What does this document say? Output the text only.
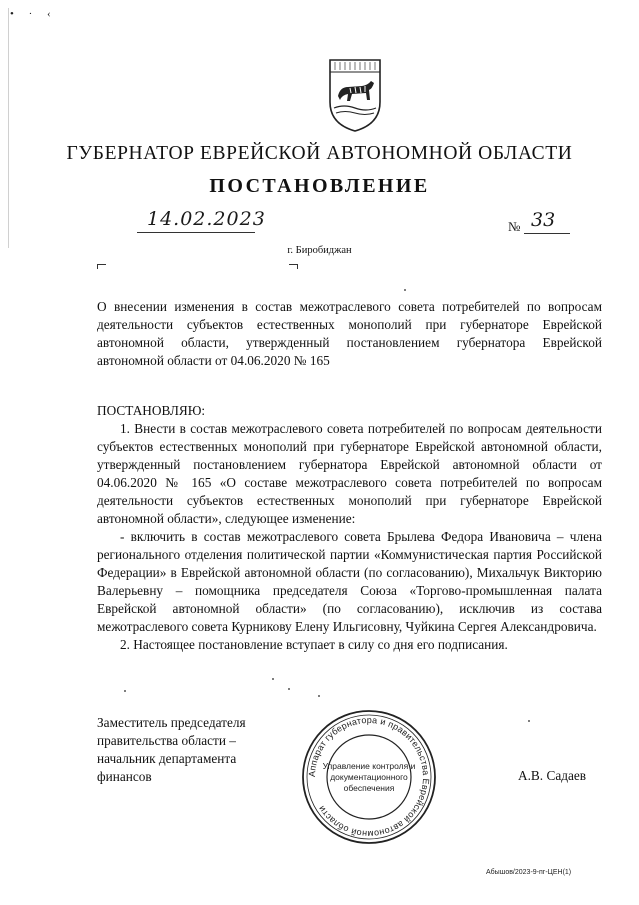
• · ‹
ГУБЕРНАТОР ЕВРЕЙСКОЙ АВТОНОМНОЙ ОБЛАСТИ
ПОСТАНОВЛЕНИЕ
14.02.2023	№ 33
г. Биробиджан
О внесении изменения в состав межотраслевого совета потребителей по вопросам деятельности субъектов естественных монополий при губернаторе Еврейской автономной области, утвержденный постановлением губернатора Еврейской автономной области от 04.06.2020 № 165
ПОСТАНОВЛЯЮ:

1. Внести в состав межотраслевого совета потребителей по вопросам деятельности субъектов естественных монополий при губернаторе Еврейской автономной области, утвержденный постановлением губернатора Еврейской автономной области от 04.06.2020 № 165 «О составе межотраслевого совета потребителей по вопросам деятельности субъектов естественных монополий при губернаторе Еврейской автономной области», следующее изменение:

- включить в состав межотраслевого совета Брылева Федора Ивановича – члена регионального отделения политической партии «Коммунистическая партия Российской Федерации» в Еврейской автономной области (по согласованию), Михальчук Викторию Валерьевну – помощника председателя Союза «Торгово-промышленная палата Еврейской автономной области» (по согласованию), исключив из состава межотраслевого совета Курникову Елену Ильгисовну, Чуйкина Сергея Александровича.

2. Настоящее постановление вступает в силу со дня его подписания.

Заместитель председателя
правительства области –
начальник департамента
финансов	Аппарат губернатора и правительства Еврейской автономной области
Управление контроля и
документационного
обеспечения
А.В. Садаев
Абышов/2023-9-пг-ЦЕН(1)
